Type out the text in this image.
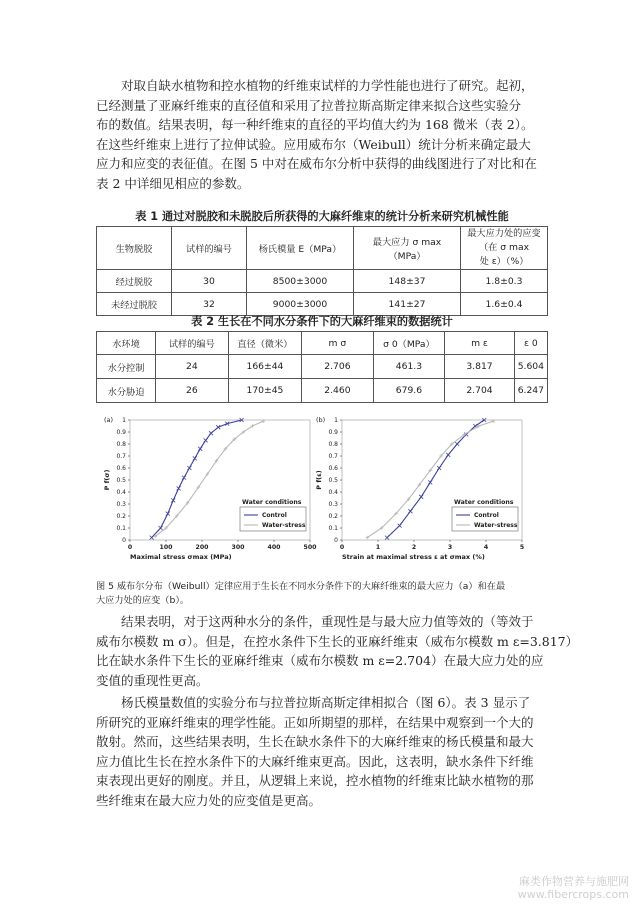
对取自缺水植物和控水植物的纤维束试样的力学性能也进行了研究。起初，
已经测量了亚麻纤维束的直径值和采用了拉普拉斯高斯定律来拟合这些实验分
布的数值。结果表明，每一种纤维束的直径的平均值大约为 168 微米（表 2）。
在这些纤维束上进行了拉伸试验。应用威布尔（Weibull）统计分析来确定最大
应力和应变的表征值。在图 5 中对在威布尔分析中获得的曲线图进行了对比和在
表 2 中详细见相应的参数。
表 1 通过对脱胶和未脱胶后所获得的大麻纤维束的统计分析来研究机械性能
生物脱胶	试样的编号	杨氏模量 E（MPa）	最大应力 σ max（MPa）	最大应力处的应变（在 σ max
处 ε）（%）

经过脱胶	30	8500±3000	148±37	1.8±0.3
未经过脱胶	32	9000±3000	141±27	1.6±0.4
表 2 生长在不同水分条件下的大麻纤维束的数据统计
水环境	试样的编号	直径（微米）	m σ	σ 0（MPa）	m ε	ε 0
水分控制	24	166±44	2.706	461.3	3.817	5.604
水分胁迫	26	170±45	2.460	679.6	2.704	6.247
(a)
0
0.1
0.2
0.3
0.4
0.5
0.6
0.7
0.8
0.9
1
0	100	200	300	400	500
Maximal stress σmax (MPa)
P f(σ)
Water conditions
Control
Water-stress
(b)
0
0.1
0.2
0.3
0.4
0.5
0.6
0.7
0.8
0.9
1
0	1	2	3	4	5
Strain at maximal stress ε at σmax (%)
P f(ε)
Water conditions
Control
Water-stress
图 5 威布尔分布（Weibull）定律应用于生长在不同水分条件下的大麻纤维束的最大应力（a）和在最
大应力处的应变（b）。
结果表明，对于这两种水分的条件，重现性是与最大应力值等效的（等效于
威布尔模数 m σ）。但是，在控水条件下生长的亚麻纤维束（威布尔模数 m ε=3.817）
比在缺水条件下生长的亚麻纤维束（威布尔模数 m ε=2.704）在最大应力处的应
变值的重现性更高。
杨氏模量数值的实验分布与拉普拉斯高斯定律相拟合（图 6）。表 3 显示了
所研究的亚麻纤维束的理学性能。正如所期望的那样，在结果中观察到一个大的
散射。然而，这些结果表明，生长在缺水条件下的大麻纤维束的杨氏模量和最大
应力值比生长在控水条件下的大麻纤维束更高。因此，这表明，缺水条件下纤维
束表现出更好的刚度。并且，从逻辑上来说，控水植物的纤维束比缺水植物的那
些纤维束在最大应力处的应变值是更高。
麻类作物营养与施肥网
www.fibercrops.com
